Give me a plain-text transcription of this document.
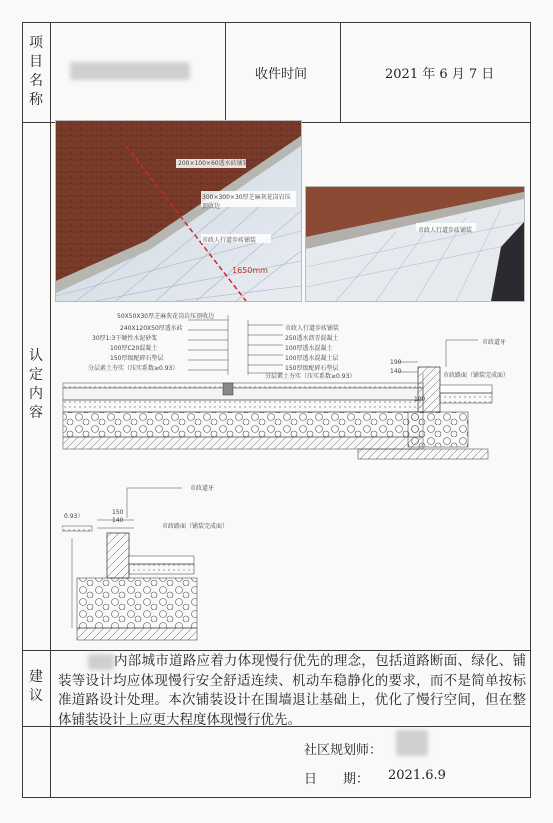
项
目
名
称
收件时间	2021 年 6 月 7 日
认
定
内
容
200×100×60透水砖铺装
300×300×30厚芝麻灰花岗岩压顶收边
市政人行道步砖铺装
1650mm
市政人行道步砖铺装
50X50X30厚芝麻灰花岗岩压顶收边
240X120X50厚透水砖
30厚1:3干硬性水泥砂浆
100厚C20混凝土
150厚级配碎石垫层
分层素土夯实（压实系数≥0.93）
市政人行道步砖铺装
250透水沥青混凝土
100厚透水混凝土
100厚透水混凝土层
150厚级配碎石垫层
分层素土夯实（压实系数≥0.93）
市政道牙
市政路面（铺装完成面）
190
140
100
市政道牙
市政路面（铺装完成面）
150
140
0.93）
建
议
内部城市道路应着力体现慢行优先的理念，包括道路断面、绿化、铺装等设计均应体现慢行安全舒适连续、机动车稳静化的要求，而不是简单按标准道路设计处理。本次铺装设计在围墙退让基础上，优化了慢行空间，但在整体铺装设计上应更大程度体现慢行优先。
社区规划师：
日　　期： 2021.6.9
